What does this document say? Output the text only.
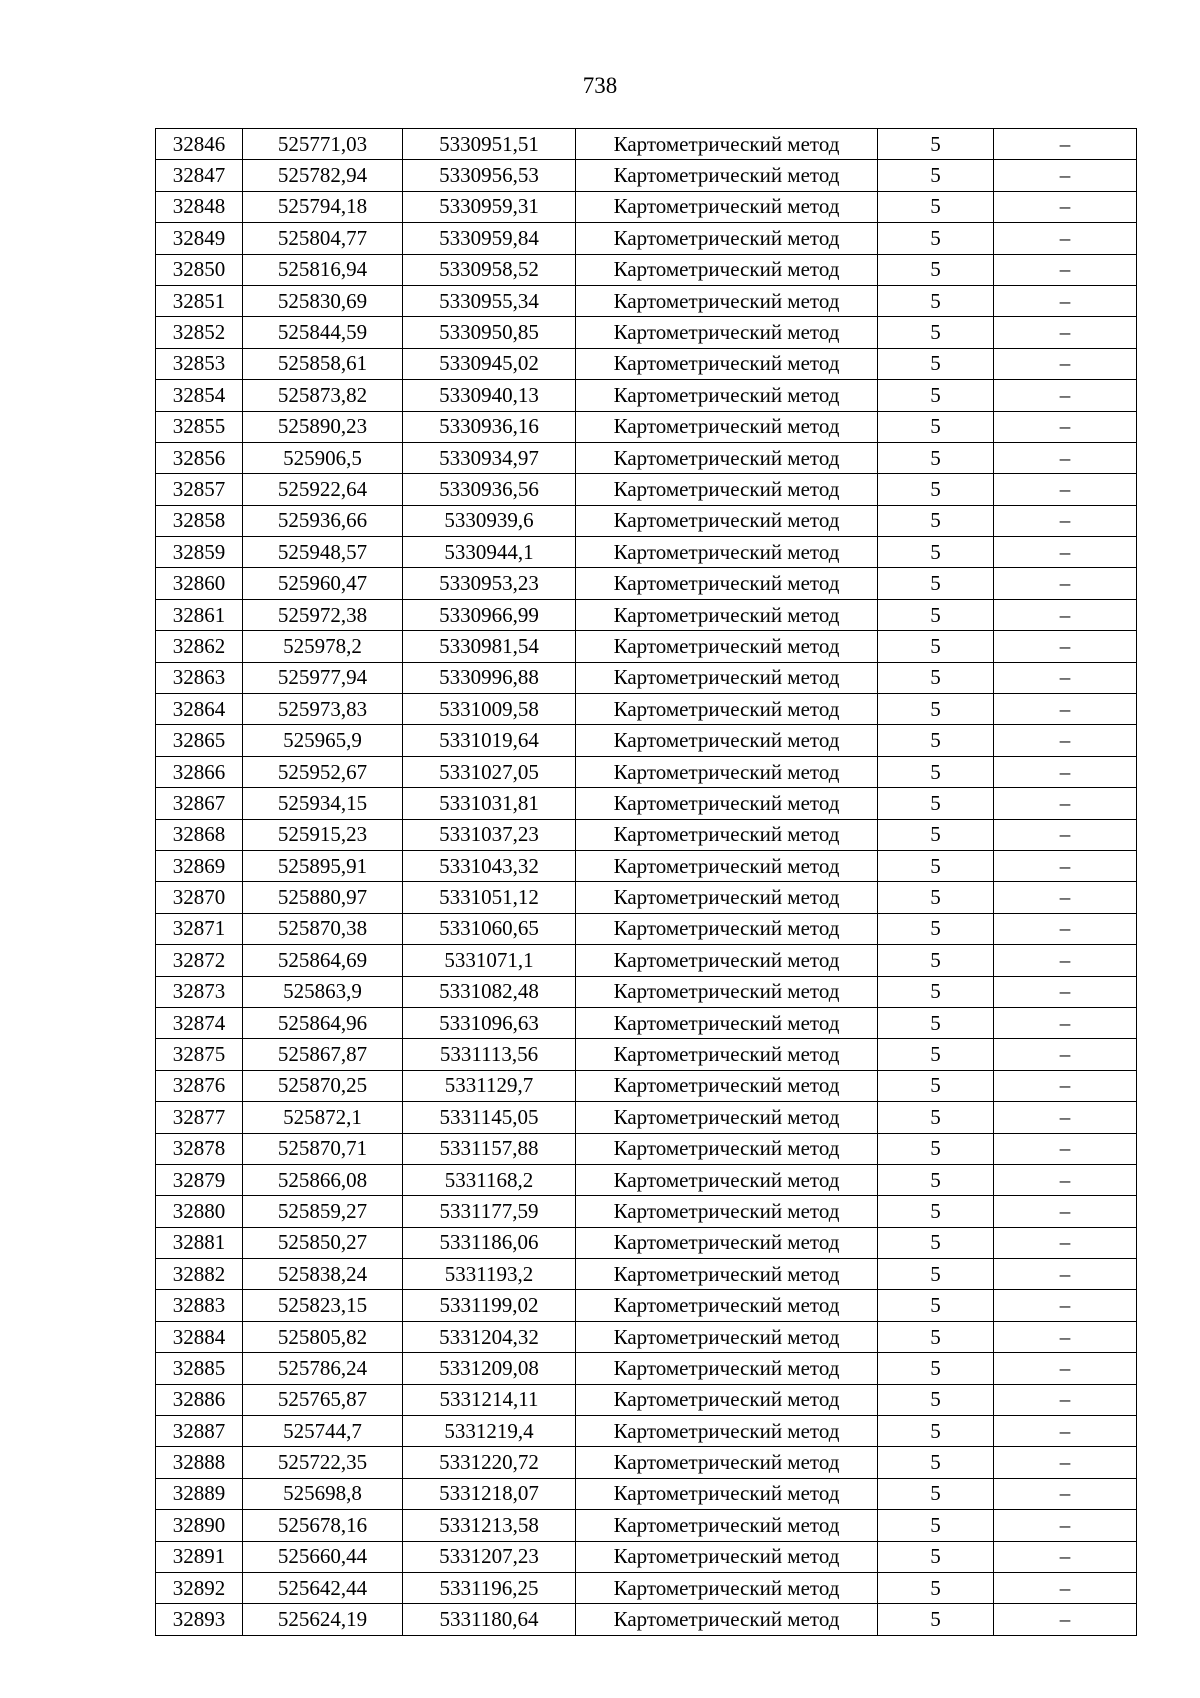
738
32846	525771,03	5330951,51	Картометрический метод	5	–
32847	525782,94	5330956,53	Картометрический метод	5	–
32848	525794,18	5330959,31	Картометрический метод	5	–
32849	525804,77	5330959,84	Картометрический метод	5	–
32850	525816,94	5330958,52	Картометрический метод	5	–
32851	525830,69	5330955,34	Картометрический метод	5	–
32852	525844,59	5330950,85	Картометрический метод	5	–
32853	525858,61	5330945,02	Картометрический метод	5	–
32854	525873,82	5330940,13	Картометрический метод	5	–
32855	525890,23	5330936,16	Картометрический метод	5	–
32856	525906,5	5330934,97	Картометрический метод	5	–
32857	525922,64	5330936,56	Картометрический метод	5	–
32858	525936,66	5330939,6	Картометрический метод	5	–
32859	525948,57	5330944,1	Картометрический метод	5	–
32860	525960,47	5330953,23	Картометрический метод	5	–
32861	525972,38	5330966,99	Картометрический метод	5	–
32862	525978,2	5330981,54	Картометрический метод	5	–
32863	525977,94	5330996,88	Картометрический метод	5	–
32864	525973,83	5331009,58	Картометрический метод	5	–
32865	525965,9	5331019,64	Картометрический метод	5	–
32866	525952,67	5331027,05	Картометрический метод	5	–
32867	525934,15	5331031,81	Картометрический метод	5	–
32868	525915,23	5331037,23	Картометрический метод	5	–
32869	525895,91	5331043,32	Картометрический метод	5	–
32870	525880,97	5331051,12	Картометрический метод	5	–
32871	525870,38	5331060,65	Картометрический метод	5	–
32872	525864,69	5331071,1	Картометрический метод	5	–
32873	525863,9	5331082,48	Картометрический метод	5	–
32874	525864,96	5331096,63	Картометрический метод	5	–
32875	525867,87	5331113,56	Картометрический метод	5	–
32876	525870,25	5331129,7	Картометрический метод	5	–
32877	525872,1	5331145,05	Картометрический метод	5	–
32878	525870,71	5331157,88	Картометрический метод	5	–
32879	525866,08	5331168,2	Картометрический метод	5	–
32880	525859,27	5331177,59	Картометрический метод	5	–
32881	525850,27	5331186,06	Картометрический метод	5	–
32882	525838,24	5331193,2	Картометрический метод	5	–
32883	525823,15	5331199,02	Картометрический метод	5	–
32884	525805,82	5331204,32	Картометрический метод	5	–
32885	525786,24	5331209,08	Картометрический метод	5	–
32886	525765,87	5331214,11	Картометрический метод	5	–
32887	525744,7	5331219,4	Картометрический метод	5	–
32888	525722,35	5331220,72	Картометрический метод	5	–
32889	525698,8	5331218,07	Картометрический метод	5	–
32890	525678,16	5331213,58	Картометрический метод	5	–
32891	525660,44	5331207,23	Картометрический метод	5	–
32892	525642,44	5331196,25	Картометрический метод	5	–
32893	525624,19	5331180,64	Картометрический метод	5	–
